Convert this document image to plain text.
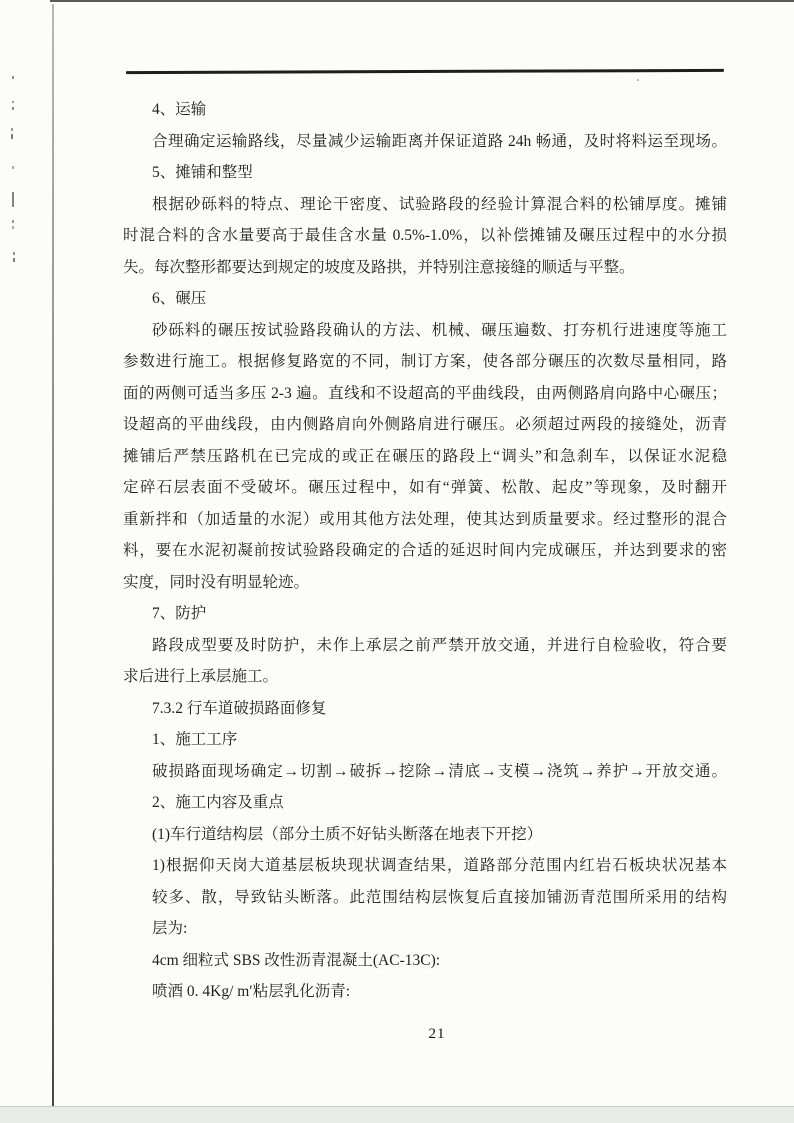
4、运输
合理确定运输路线，尽量减少运输距离并保证道路 24h 畅通，及时将料运至现场。
5、摊铺和整型
根据砂砾料的特点、理论干密度、试验路段的经验计算混合料的松铺厚度。摊铺
时混合料的含水量要高于最佳含水量 0.5%-1.0%，以补偿摊铺及碾压过程中的水分损
失。每次整形都要达到规定的坡度及路拱，并特别注意接缝的顺适与平整。
6、碾压
砂砾料的碾压按试验路段确认的方法、机械、碾压遍数、打夯机行进速度等施工
参数进行施工。根据修复路宽的不同，制订方案，使各部分碾压的次数尽量相同，路
面的两侧可适当多压 2-3 遍。直线和不设超高的平曲线段，由两侧路肩向路中心碾压；
设超高的平曲线段，由内侧路肩向外侧路肩进行碾压。必须超过两段的接缝处，沥青
摊铺后严禁压路机在已完成的或正在碾压的路段上“调头”和急刹车，以保证水泥稳
定碎石层表面不受破坏。碾压过程中，如有“弹簧、松散、起皮”等现象，及时翻开
重新拌和（加适量的水泥）或用其他方法处理，使其达到质量要求。经过整形的混合
料，要在水泥初凝前按试验路段确定的合适的延迟时间内完成碾压，并达到要求的密
实度，同时没有明显轮迹。
7、防护
路段成型要及时防护，未作上承层之前严禁开放交通，并进行自检验收，符合要
求后进行上承层施工。
7.3.2 行车道破损路面修复
1、施工工序
破损路面现场确定→切割→破拆→挖除→清底→支模→浇筑→养护→开放交通。
2、施工内容及重点
(1)车行道结构层（部分土质不好钻头断落在地表下开挖）
1)根据仰天岗大道基层板块现状调查结果，道路部分范围内红岩石板块状况基本
较多、散，导致钻头断落。此范围结构层恢复后直接加铺沥青范围所采用的结构
层为:
4cm 细粒式 SBS 改性沥青混凝土(AC-13C):
喷酒 0. 4Kg/ m′粘层乳化沥青:
21
